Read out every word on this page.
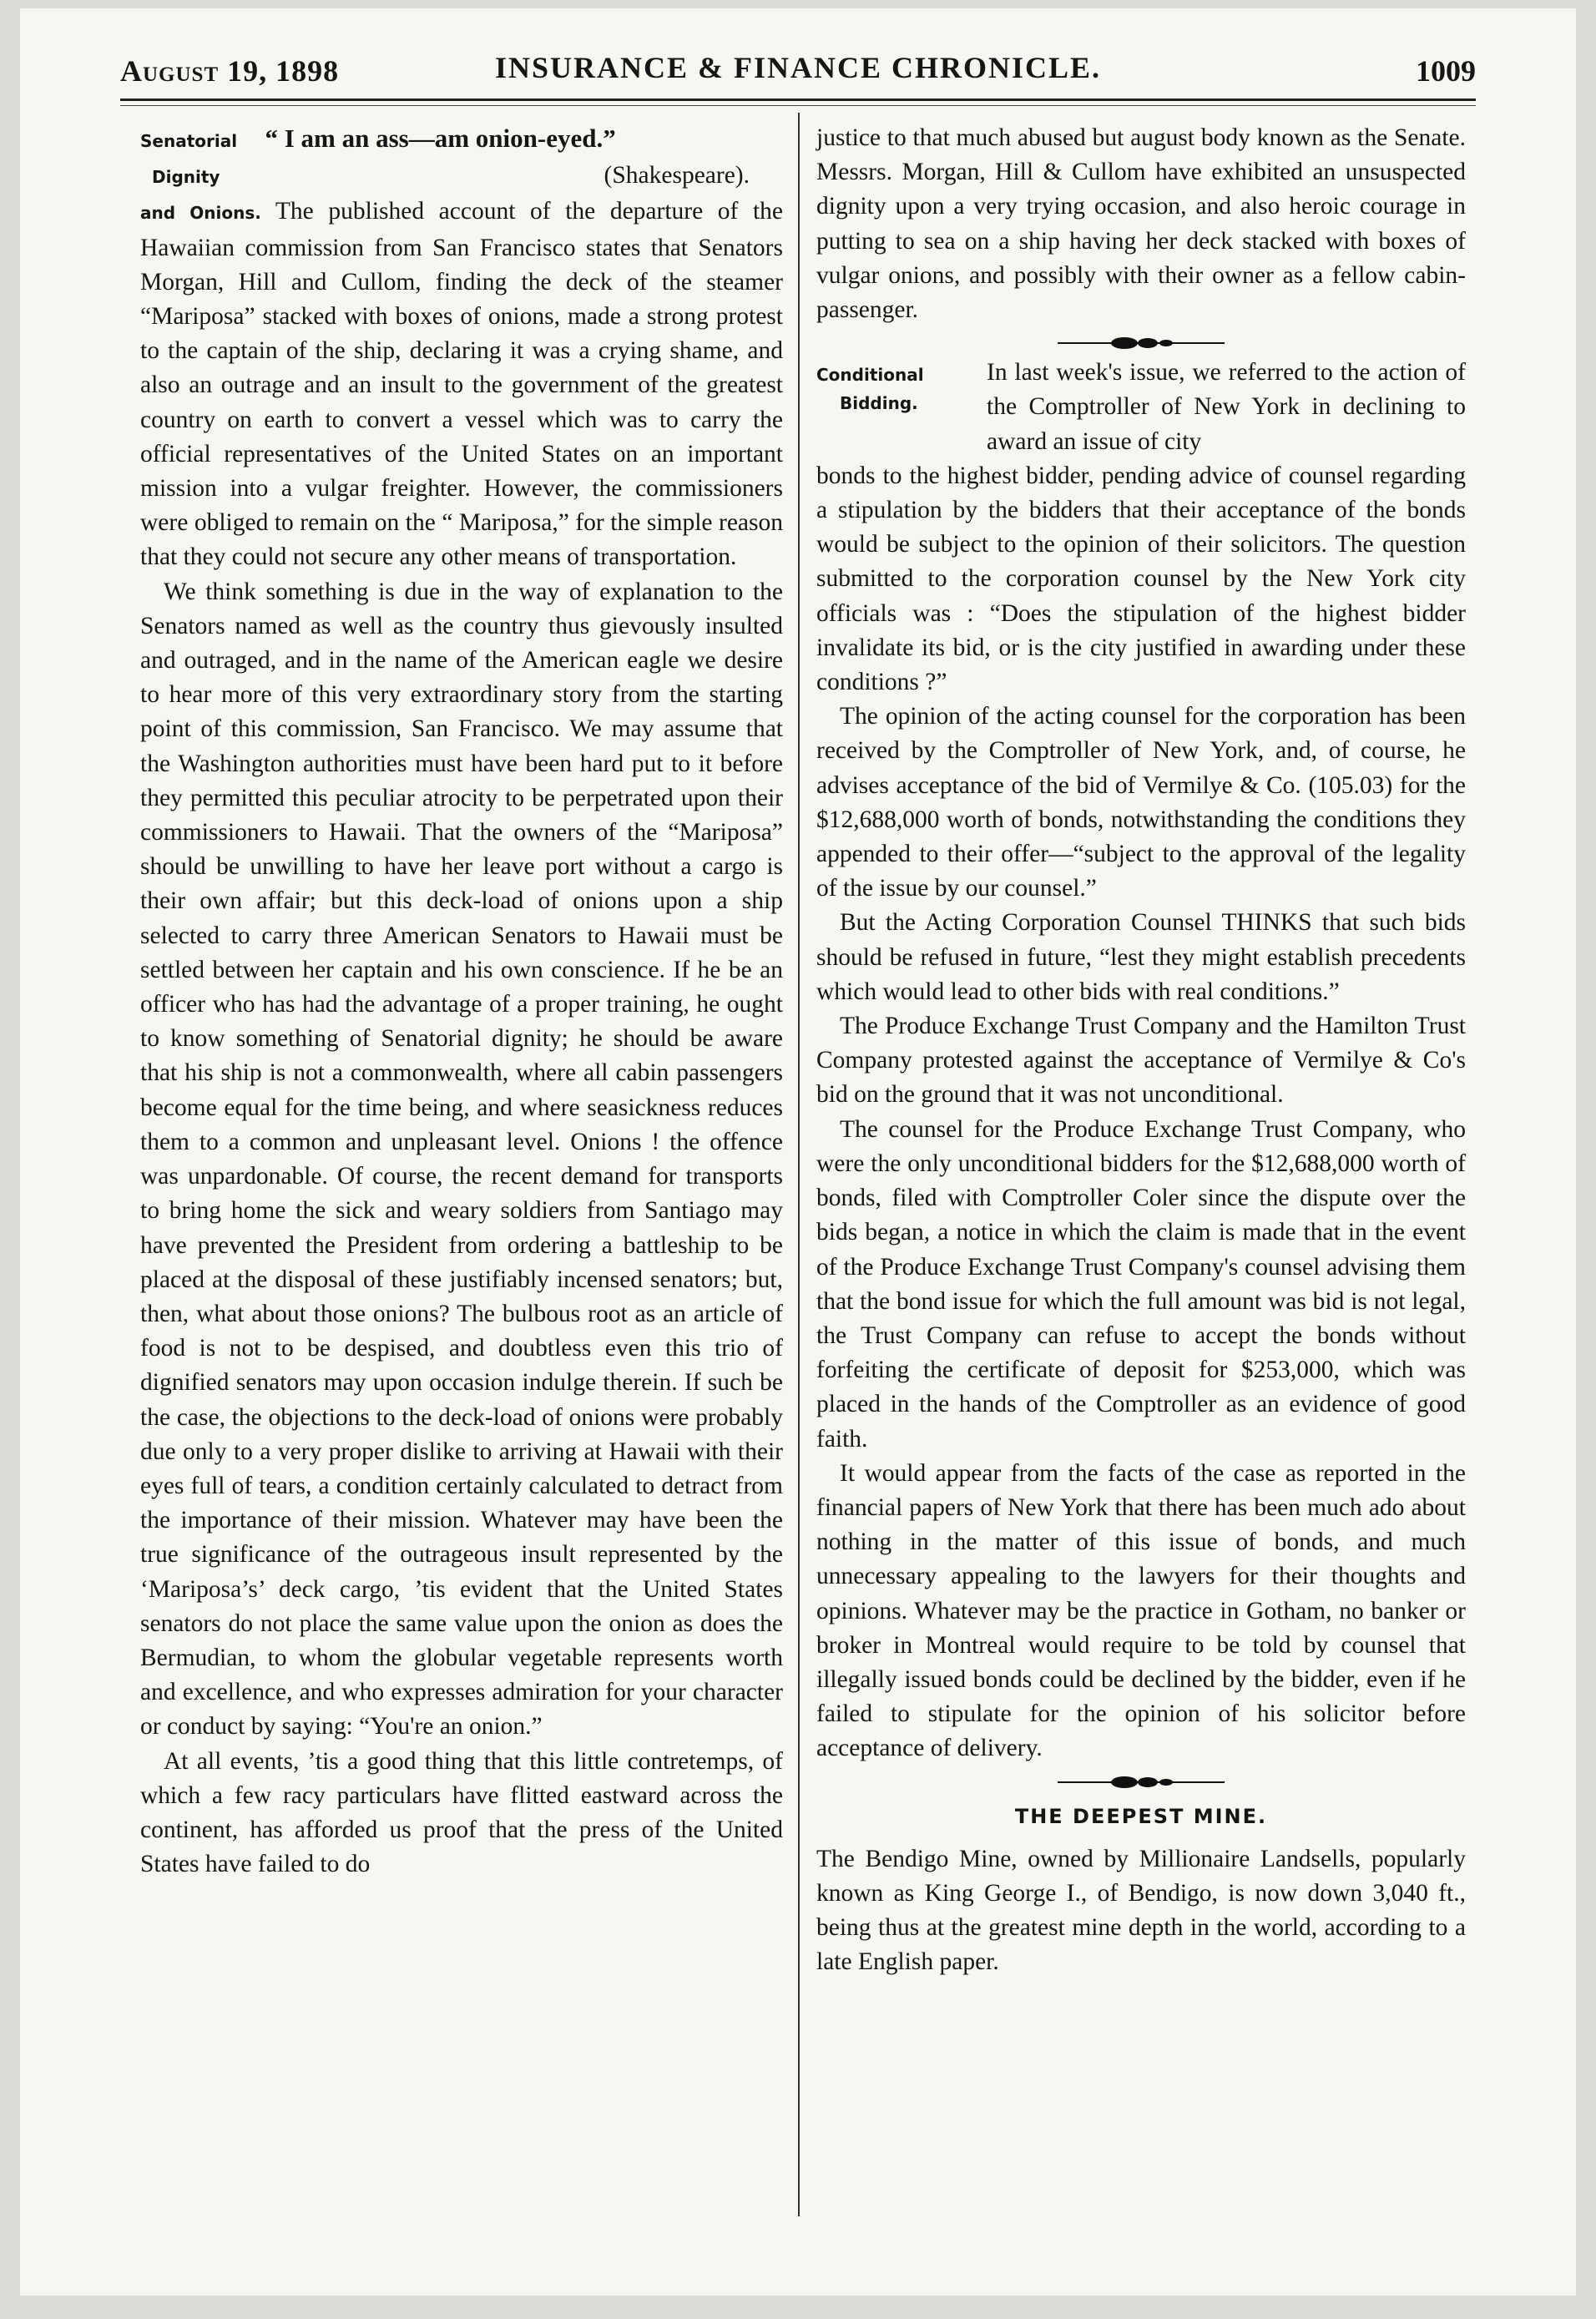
August 19, 1898	INSURANCE & FINANCE CHRONICLE.	1009
Senatorial “ I am an ass—am onion-eyed.”
Dignity	(Shakespeare).

and Onions. The published account of the departure of the Hawaiian commission from San Francisco states that Senators Morgan, Hill and Cullom, finding the deck of the steamer “Mariposa” stacked with boxes of onions, made a strong protest to the captain of the ship, declaring it was a crying shame, and also an outrage and an insult to the government of the greatest country on earth to convert a vessel which was to carry the official representatives of the United States on an important mission into a vulgar freighter. However, the commissioners were obliged to remain on the “ Mariposa,” for the simple reason that they could not secure any other means of transportation.

We think something is due in the way of explanation to the Senators named as well as the country thus gievously insulted and outraged, and in the name of the American eagle we desire to hear more of this very extraordinary story from the starting point of this commission, San Francisco. We may assume that the Washington authorities must have been hard put to it before they permitted this peculiar atrocity to be perpetrated upon their commissioners to Hawaii. That the owners of the “Mariposa” should be unwilling to have her leave port without a cargo is their own affair; but this deck-load of onions upon a ship selected to carry three American Senators to Hawaii must be settled between her captain and his own conscience. If he be an officer who has had the advantage of a proper training, he ought to know something of Senatorial dignity; he should be aware that his ship is not a commonwealth, where all cabin passengers become equal for the time being, and where seasickness reduces them to a common and unpleasant level. Onions ! the offence was unpardonable. Of course, the recent demand for transports to bring home the sick and weary soldiers from Santiago may have prevented the President from ordering a battleship to be placed at the disposal of these justifiably incensed senators; but, then, what about those onions? The bulbous root as an article of food is not to be despised, and doubtless even this trio of dignified senators may upon occasion indulge therein. If such be the case, the objections to the deck-load of onions were probably due only to a very proper dislike to arriving at Hawaii with their eyes full of tears, a condition certainly calculated to detract from the importance of their mission. Whatever may have been the true significance of the outrageous insult represented by the ‘Mariposa’s’ deck cargo, ’tis evident that the United States senators do not place the same value upon the onion as does the Bermudian, to whom the globular vegetable represents worth and excellence, and who expresses admiration for your character or conduct by saying: “You're an onion.”

At all events, ’tis a good thing that this little contretemps, of which a few racy particulars have flitted eastward across the continent, has afforded us proof that the press of the United States have failed to do

justice to that much abused but august body known as the Senate. Messrs. Morgan, Hill & Cullom have exhibited an unsuspected dignity upon a very trying occasion, and also heroic courage in putting to sea on a ship having her deck stacked with boxes of vulgar onions, and possibly with their owner as a fellow cabin-passenger.

Conditional
Bidding.

In last week's issue, we referred to the action of the Comptroller of New York in declining to award an issue of city

bonds to the highest bidder, pending advice of counsel regarding a stipulation by the bidders that their acceptance of the bonds would be subject to the opinion of their solicitors. The question submitted to the corporation counsel by the New York city officials was : “Does the stipulation of the highest bidder invalidate its bid, or is the city justified in awarding under these conditions ?”

The opinion of the acting counsel for the corporation has been received by the Comptroller of New York, and, of course, he advises acceptance of the bid of Vermilye & Co. (105.03) for the $12,688,000 worth of bonds, notwithstanding the conditions they appended to their offer—“subject to the approval of the legality of the issue by our counsel.”

But the Acting Corporation Counsel THINKS that such bids should be refused in future, “lest they might establish precedents which would lead to other bids with real conditions.”

The Produce Exchange Trust Company and the Hamilton Trust Company protested against the acceptance of Vermilye & Co's bid on the ground that it was not unconditional.

The counsel for the Produce Exchange Trust Company, who were the only unconditional bidders for the $12,688,000 worth of bonds, filed with Comptroller Coler since the dispute over the bids began, a notice in which the claim is made that in the event of the Produce Exchange Trust Company's counsel advising them that the bond issue for which the full amount was bid is not legal, the Trust Company can refuse to accept the bonds without forfeiting the certificate of deposit for $253,000, which was placed in the hands of the Comptroller as an evidence of good faith.

It would appear from the facts of the case as reported in the financial papers of New York that there has been much ado about nothing in the matter of this issue of bonds, and much unnecessary appealing to the lawyers for their thoughts and opinions. Whatever may be the practice in Gotham, no banker or broker in Montreal would require to be told by counsel that illegally issued bonds could be declined by the bidder, even if he failed to stipulate for the opinion of his solicitor before acceptance of delivery.

THE DEEPEST MINE.

The Bendigo Mine, owned by Millionaire Landsells, popularly known as King George I., of Bendigo, is now down 3,040 ft., being thus at the greatest mine depth in the world, according to a late English paper.
